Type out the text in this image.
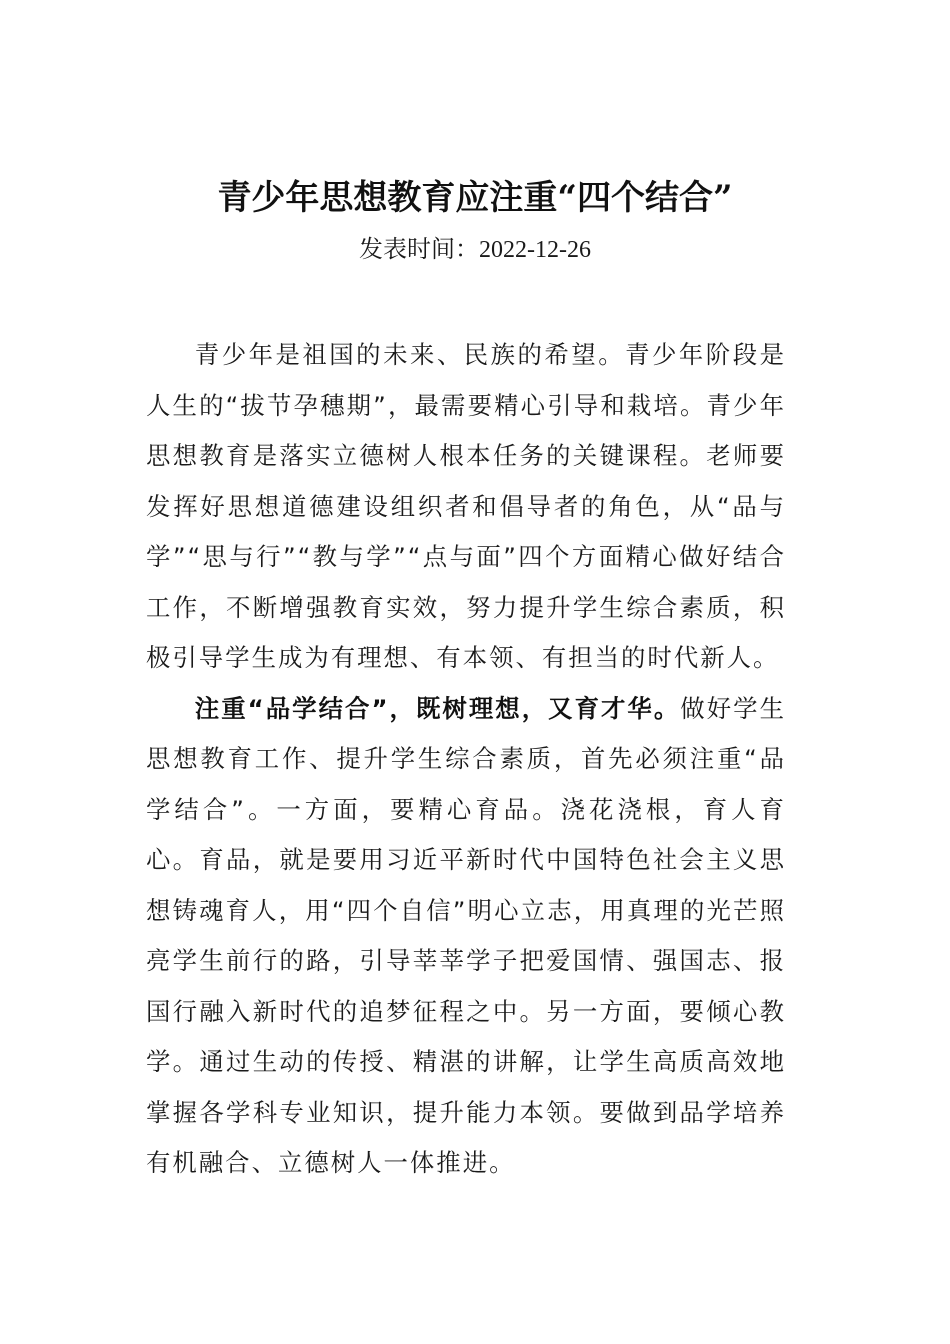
青少年思想教育应注重“四个结合”
发表时间：2022-12-26

青少年是祖国的未来、民族的希望。青少年阶段是人生的“拔节孕穗期”，最需要精心引导和栽培。青少年思想教育是落实立德树人根本任务的关键课程。老师要发挥好思想道德建设组织者和倡导者的角色，从“品与学”“思与行”“教与学”“点与面”四个方面精心做好结合工作，不断增强教育实效，努力提升学生综合素质，积极引导学生成为有理想、有本领、有担当的时代新人。

注重“品学结合”，既树理想，又育才华。做好学生思想教育工作、提升学生综合素质，首先必须注重“品学结合”。一方面，要精心育品。浇花浇根，育人育心。育品，就是要用习近平新时代中国特色社会主义思想铸魂育人，用“四个自信”明心立志，用真理的光芒照亮学生前行的路，引导莘莘学子把爱国情、强国志、报国行融入新时代的追梦征程之中。另一方面，要倾心教学。通过生动的传授、精湛的讲解，让学生高质高效地掌握各学科专业知识，提升能力本领。要做到品学培养有机融合、立德树人一体推进。
